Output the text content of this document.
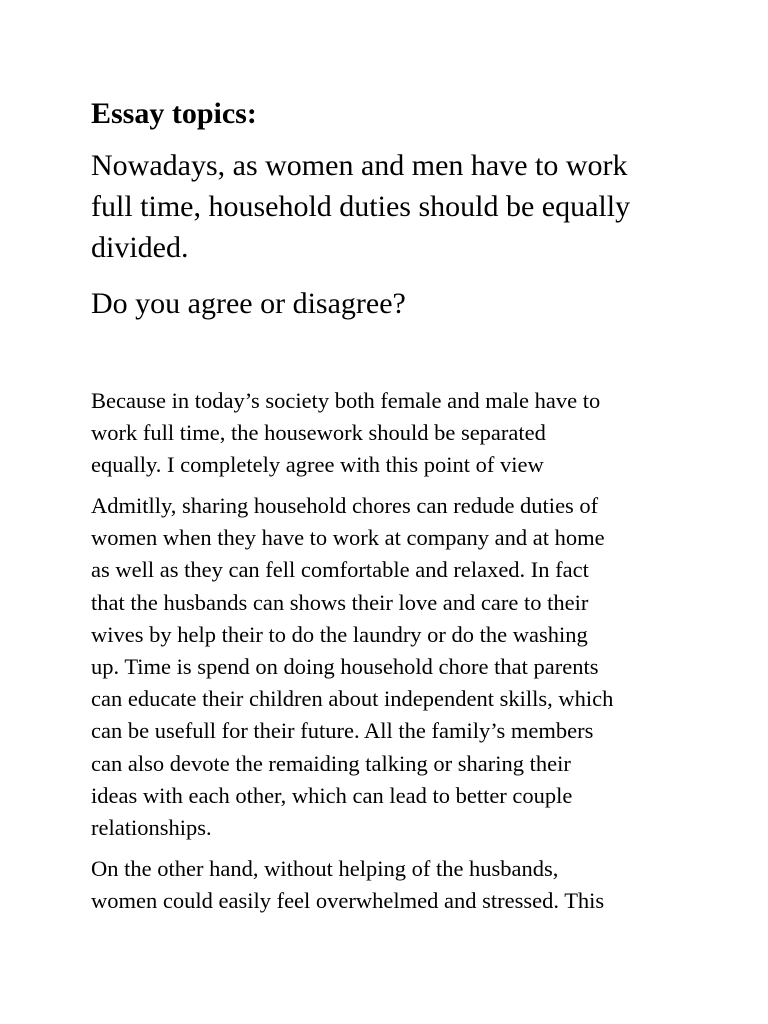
Essay topics:

Nowadays, as women and men have to work
full time, household duties should be equally
divided.

Do you agree or disagree?

Because in today’s society both female and male have to
work full time, the housework should be separated
equally. I completely agree with this point of view

Admitlly, sharing household chores can redude duties of
women when they have to work at company and at home
as well as they can fell comfortable and relaxed. In fact
that the husbands can shows their love and care to their
wives by help their to do the laundry or do the washing
up. Time is spend on doing household chore that parents
can educate their children about independent skills, which
can be usefull for their future. All the family’s members
can also devote the remaiding talking or sharing their
ideas with each other, which can lead to better couple
relationships.

On the other hand, without helping of the husbands,
women could easily feel overwhelmed and stressed. This
